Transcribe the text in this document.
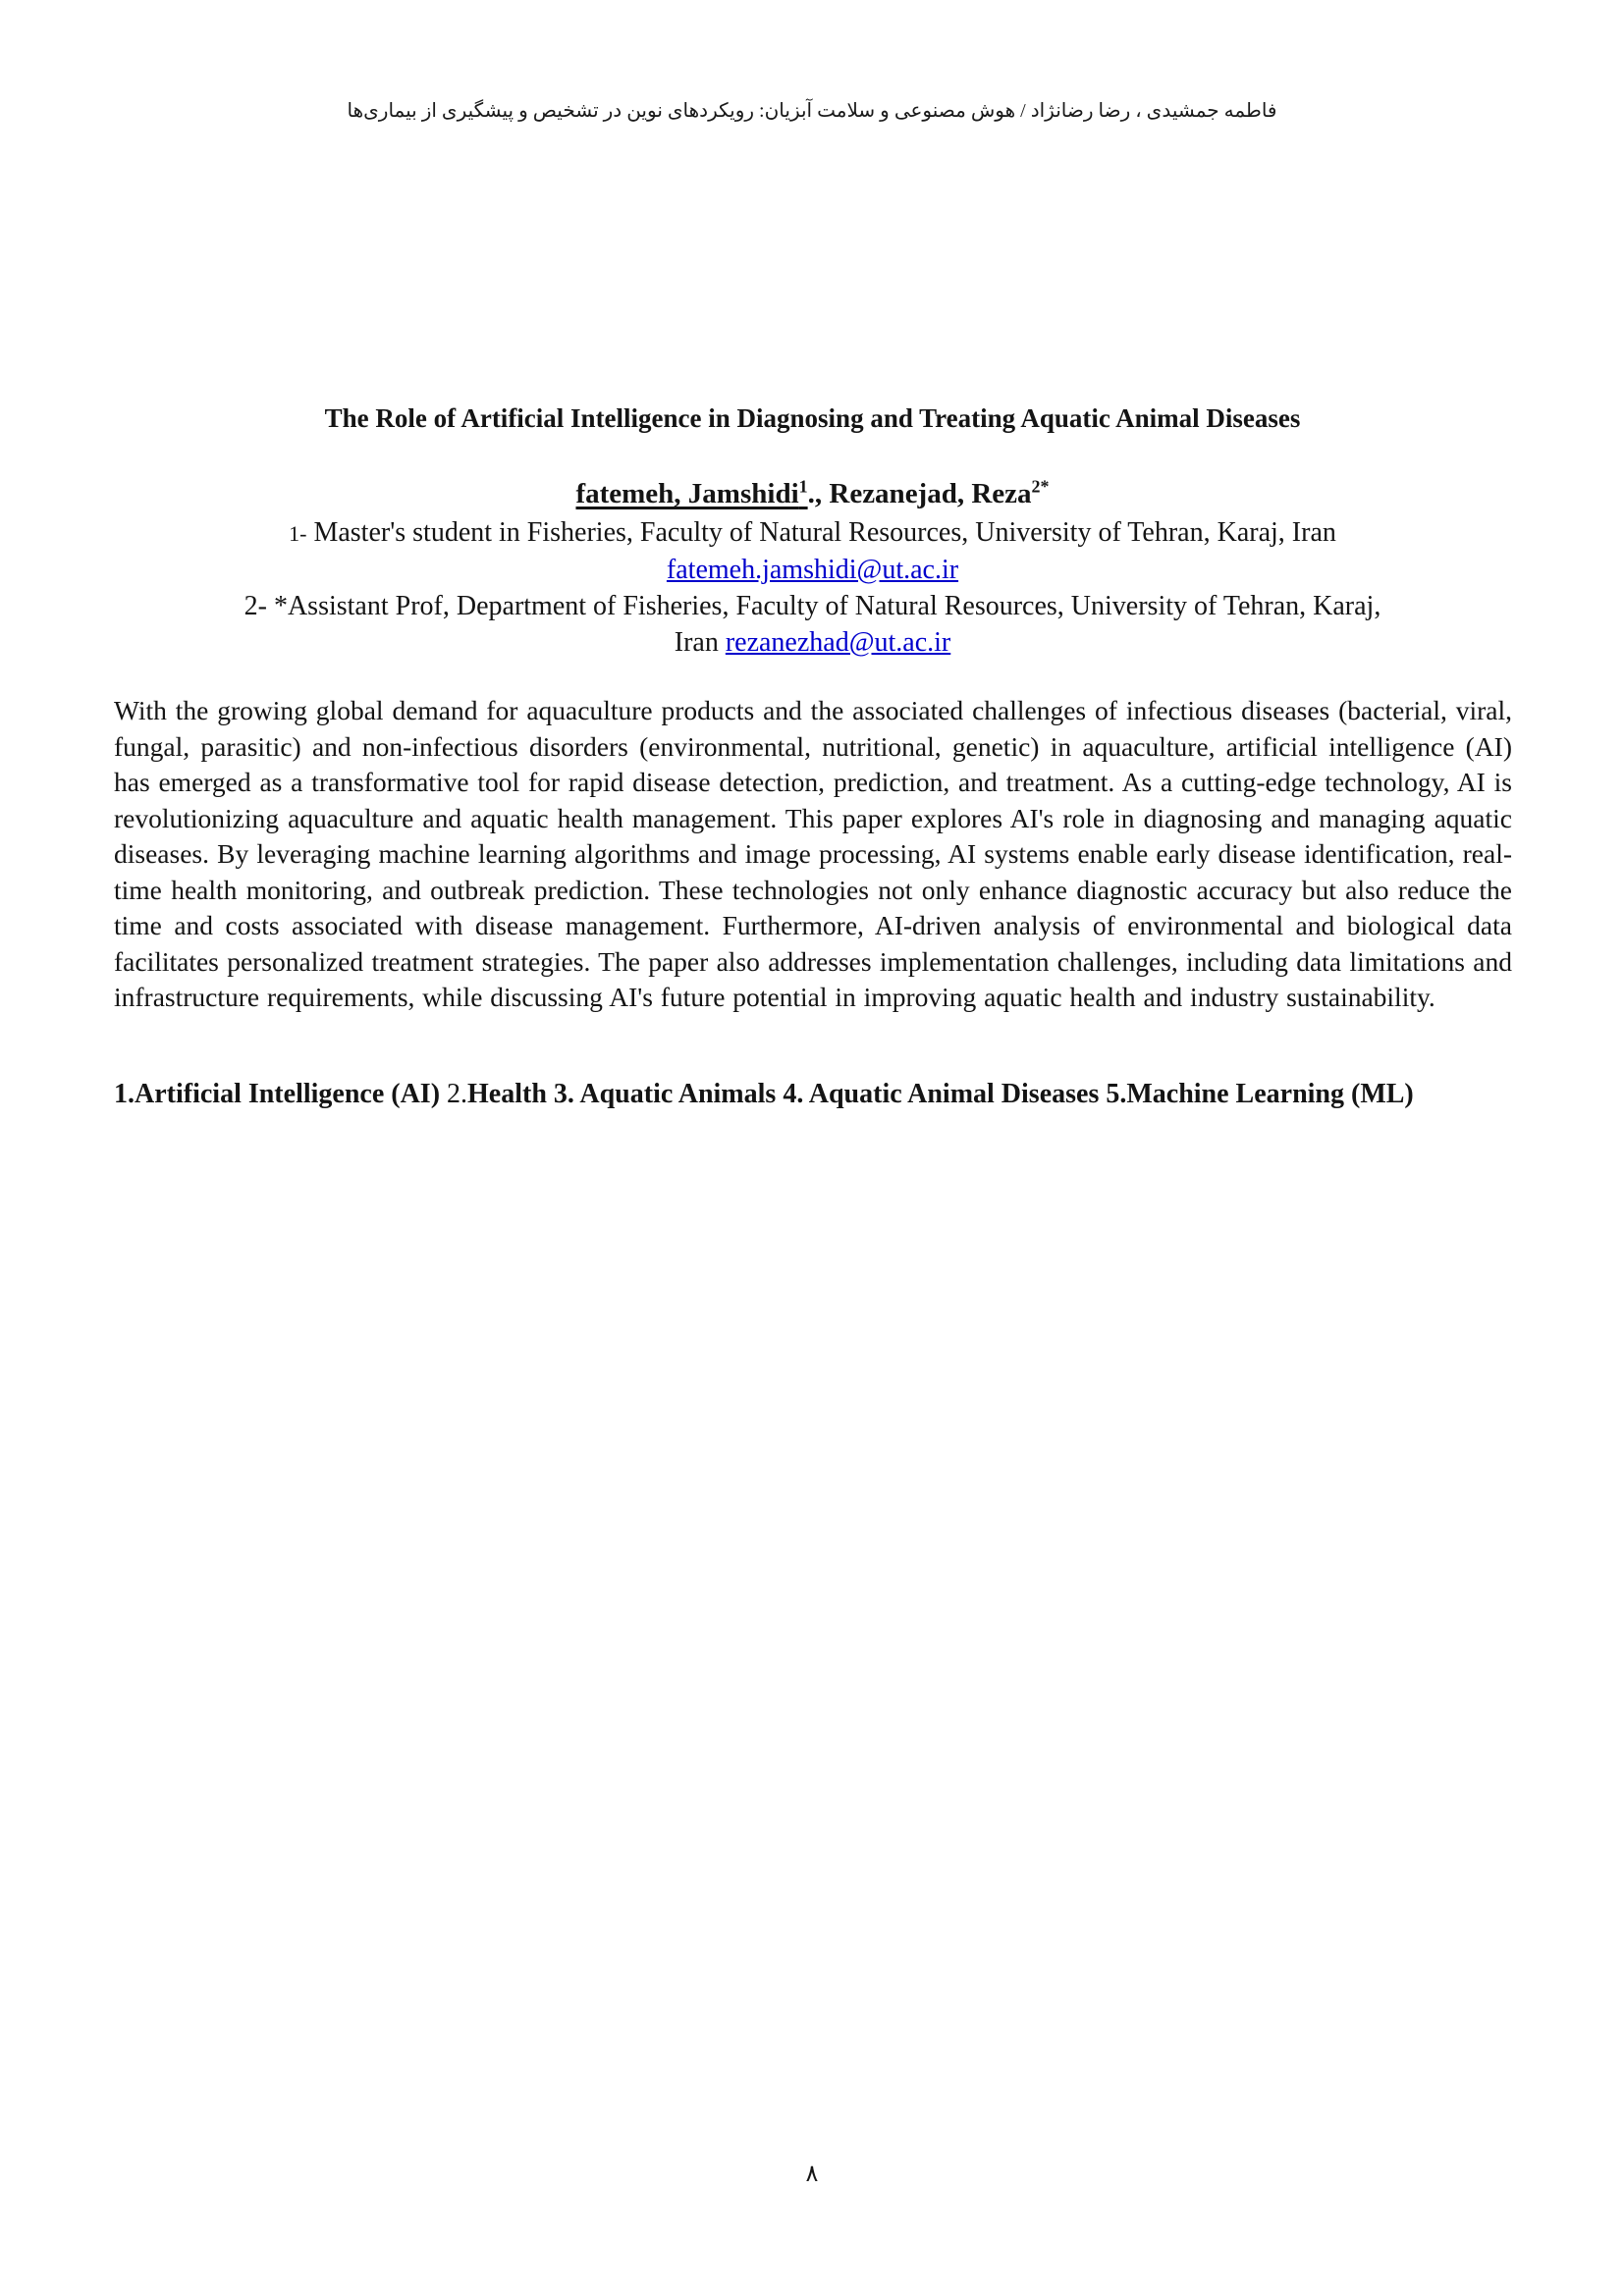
فاطمه جمشیدی ، رضا رضانژاد / هوش مصنوعی و سلامت آبزیان: رویکردهای نوین در تشخیص و پیشگیری از بیماری‌ها
The Role of Artificial Intelligence in Diagnosing and Treating Aquatic Animal Diseases
fatemeh, Jamshidi$^1$., Rezanejad, Reza$^{2*}$
1- Master's student in Fisheries, Faculty of Natural Resources, University of Tehran, Karaj, Iran
fatemeh.jamshidi@ut.ac.ir
2- *Assistant Prof, Department of Fisheries, Faculty of Natural Resources, University of Tehran, Karaj,
Iran rezanezhad@ut.ac.ir
With the growing global demand for aquaculture products and the associated challenges of infectious diseases (bacterial, viral, fungal, parasitic) and non-infectious disorders (environmental, nutritional, genetic) in aquaculture, artificial intelligence (AI) has emerged as a transformative tool for rapid disease detection, prediction, and treatment. As a cutting-edge technology, AI is revolutionizing aquaculture and aquatic health management. This paper explores AI's role in diagnosing and managing aquatic diseases. By leveraging machine learning algorithms and image processing, AI systems enable early disease identification, real-time health monitoring, and outbreak prediction. These technologies not only enhance diagnostic accuracy but also reduce the time and costs associated with disease management. Furthermore, AI-driven analysis of environmental and biological data facilitates personalized treatment strategies. The paper also addresses implementation challenges, including data limitations and infrastructure requirements, while discussing AI's future potential in improving aquatic health and industry sustainability.
1.Artificial Intelligence (AI) 2.Health 3. Aquatic Animals 4. Aquatic Animal Diseases 5.Machine Learning (ML)
٨
